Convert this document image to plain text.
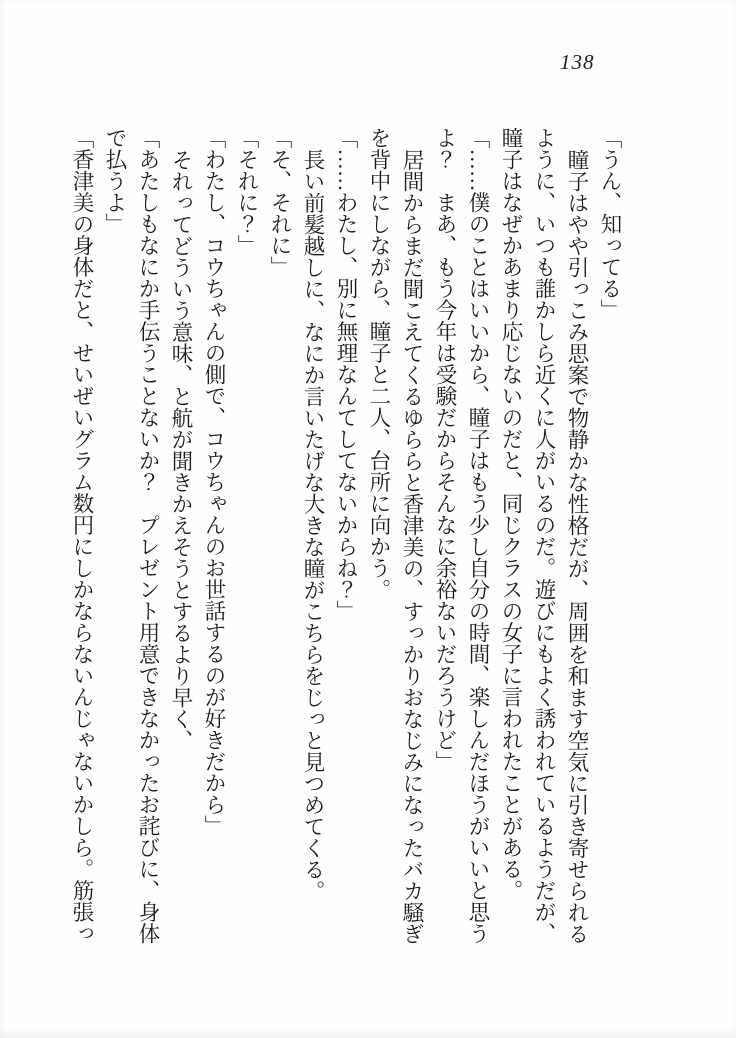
138

「うん、知ってる」

瞳子はやや引っこみ思案で物静かな性格だが、周囲を和ます空気に引き寄せられるように、いつも誰かしら近くに人がいるのだ。遊びにもよく誘われているようだが、瞳子はなぜかあまり応じないのだと、同じクラスの女子に言われたことがある。

「……僕のことはいいから、瞳子はもう少し自分の時間、楽しんだほうがいいと思うよ？　まあ、もう今年は受験だからそんなに余裕ないだろうけど」

居間からまだ聞こえてくるゆららと香津美の、すっかりおなじみになったバカ騒ぎを背中にしながら、瞳子と二人、台所に向かう。

「……わたし、別に無理なんてしてないからね？」

長い前髪越しに、なにか言いたげな大きな瞳がこちらをじっと見つめてくる。

「そ、それに」

「それに？」

「わたし、コウちゃんの側で、コウちゃんのお世話するのが好きだから」

それってどういう意味、と航が聞きかえそうとするより早く、

「あたしもなにか手伝うことないか？　プレゼント用意できなかったお詫びに、身体で払うよ」

「香津美の身体だと、せいぜいグラム数円にしかならないんじゃないかしら。筋張っ
